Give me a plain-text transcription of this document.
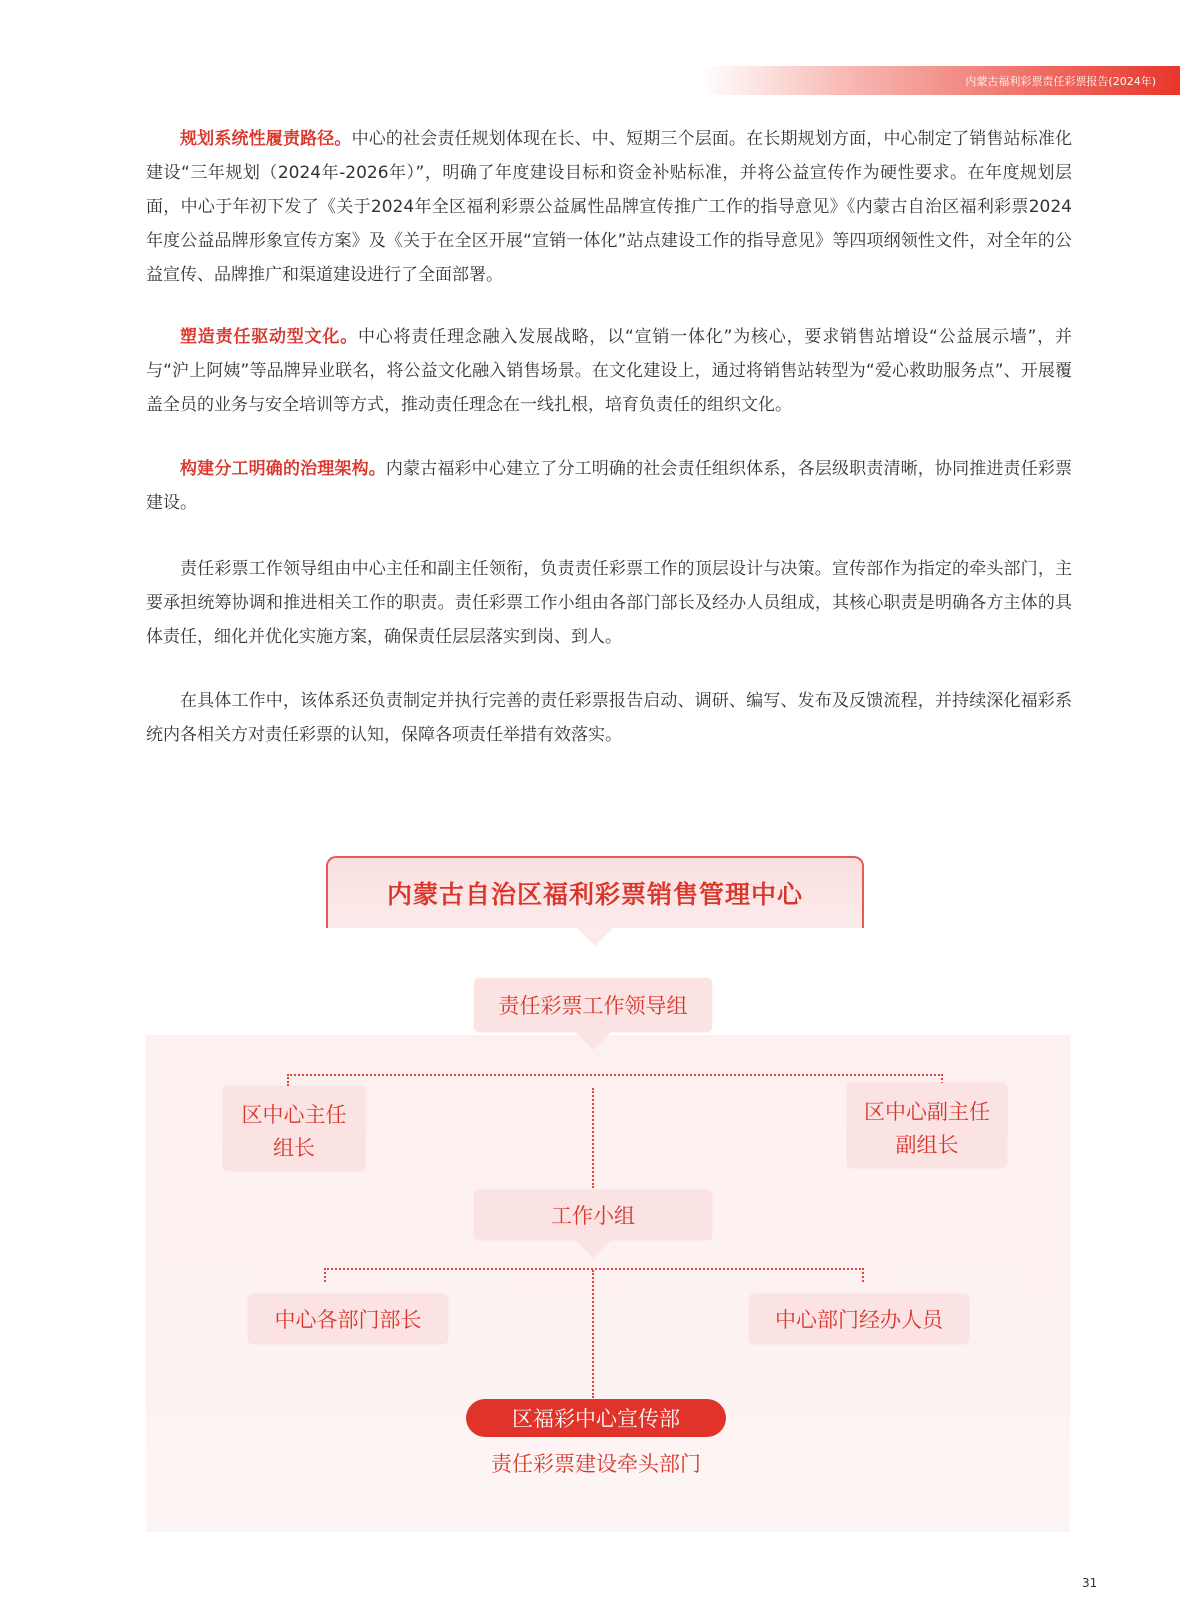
内蒙古福利彩票责任彩票报告(2024年)

规划系统性履责路径。中心的社会责任规划体现在长、中、短期三个层面。在长期规划方面，中心制定了销售站标准化建设“三年规划（2024年-2026年）”，明确了年度建设目标和资金补贴标准，并将公益宣传作为硬性要求。在年度规划层面，中心于年初下发了《关于2024年全区福利彩票公益属性品牌宣传推广工作的指导意见》《内蒙古自治区福利彩票2024年度公益品牌形象宣传方案》及《关于在全区开展“宣销一体化”站点建设工作的指导意见》等四项纲领性文件，对全年的公益宣传、品牌推广和渠道建设进行了全面部署。

塑造责任驱动型文化。中心将责任理念融入发展战略，以“宣销一体化”为核心，要求销售站增设“公益展示墙”，并与“沪上阿姨”等品牌异业联名，将公益文化融入销售场景。在文化建设上，通过将销售站转型为“爱心救助服务点”、开展覆盖全员的业务与安全培训等方式，推动责任理念在一线扎根，培育负责任的组织文化。

构建分工明确的治理架构。内蒙古福彩中心建立了分工明确的社会责任组织体系，各层级职责清晰，协同推进责任彩票建设。

责任彩票工作领导组由中心主任和副主任领衔，负责责任彩票工作的顶层设计与决策。宣传部作为指定的牵头部门，主要承担统筹协调和推进相关工作的职责。责任彩票工作小组由各部门部长及经办人员组成，其核心职责是明确各方主体的具体责任，细化并优化实施方案，确保责任层层落实到岗、到人。

在具体工作中，该体系还负责制定并执行完善的责任彩票报告启动、调研、编写、发布及反馈流程，并持续深化福彩系统内各相关方对责任彩票的认知，保障各项责任举措有效落实。

内蒙古自治区福利彩票销售管理中心
责任彩票工作领导组
区中心主任
组长
区中心副主任
副组长
工作小组
中心各部门部长	中心部门经办人员
区福彩中心宣传部
责任彩票建设牵头部门
31
